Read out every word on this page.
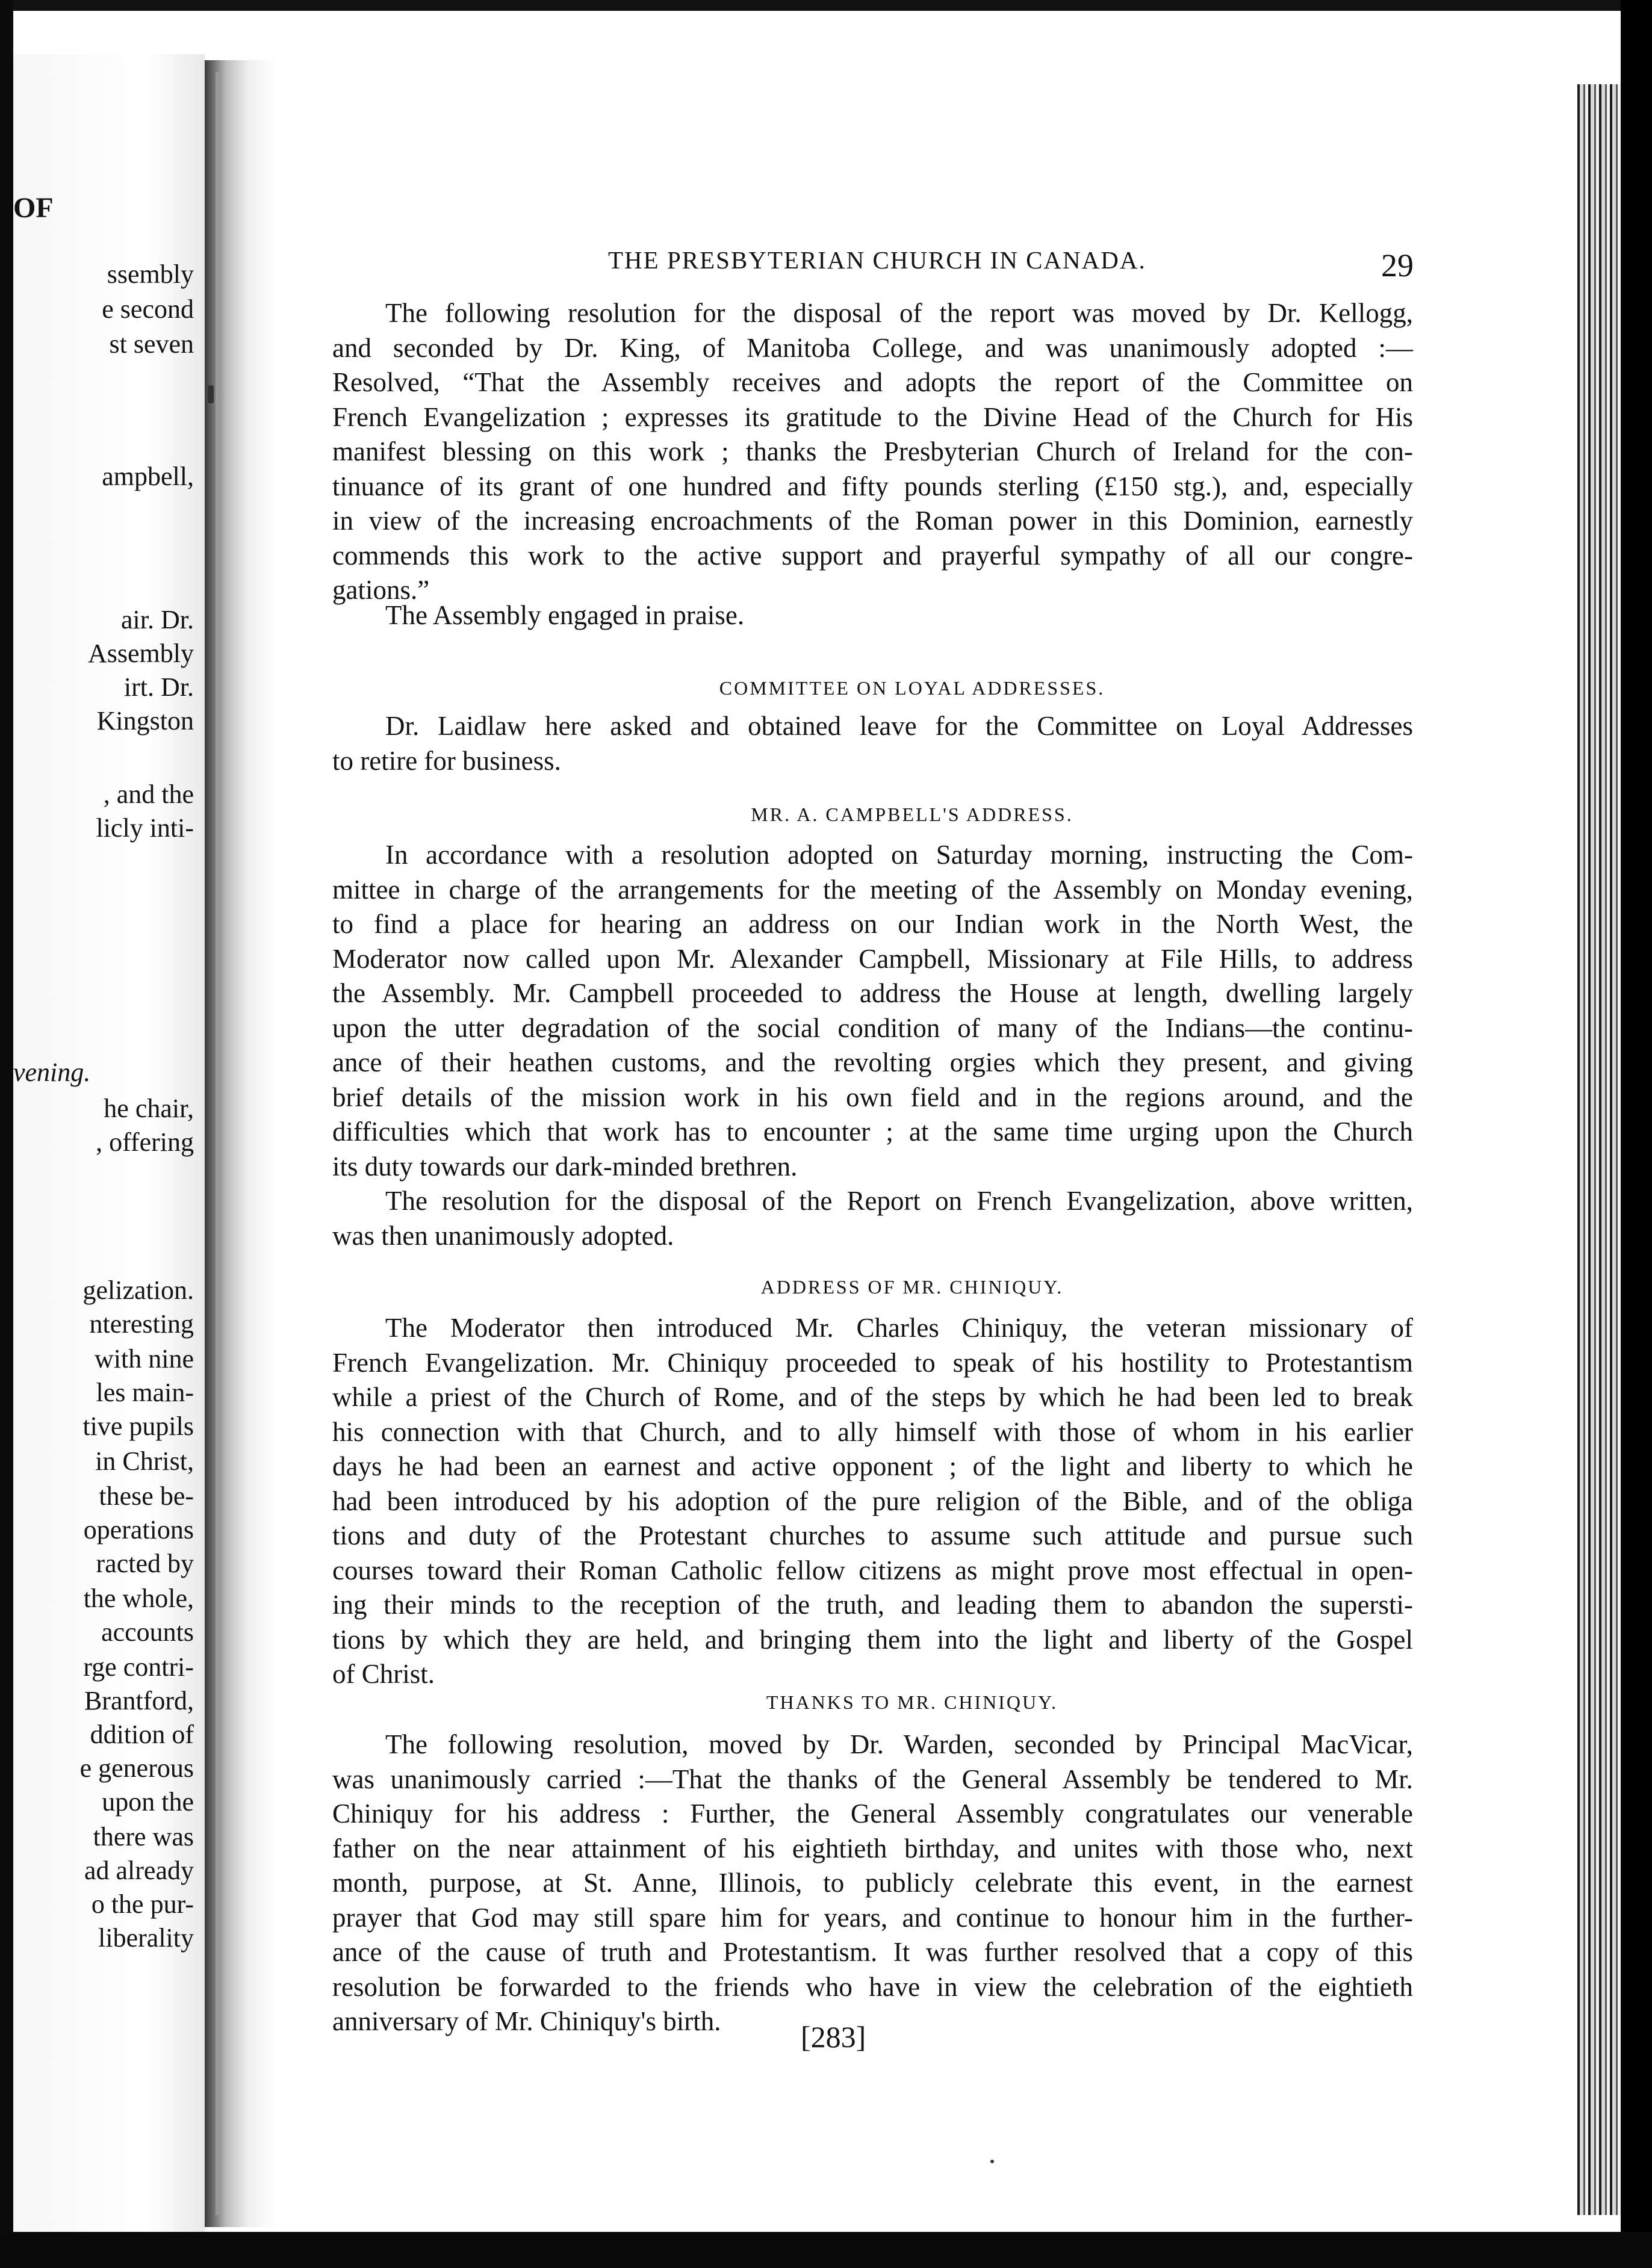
OF
ssembly
e second
st seven
ampbell,
air. Dr.
Assembly
irt. Dr.
Kingston
, and the
licly inti-
vening.
he chair,
, offering
gelization.
nteresting
with nine
les main-
tive pupils
in Christ,
these be-
operations
racted by
the whole,
accounts
rge contri-
Brantford,
ddition of
e generous
upon the
there was
ad already
o the pur-
liberality
THE PRESBYTERIAN CHURCH IN CANADA.	29

The following resolution for the disposal of the report was moved by Dr. Kellogg,
and seconded by Dr. King, of Manitoba College, and was unanimously adopted :—
Resolved, “That the Assembly receives and adopts the report of the Committee on
French Evangelization ; expresses its gratitude to the Divine Head of the Church for His
manifest blessing on this work ; thanks the Presbyterian Church of Ireland for the con-
tinuance of its grant of one hundred and fifty pounds sterling (£150 stg.), and, especially
in view of the increasing encroachments of the Roman power in this Dominion, earnestly
commends this work to the active support and prayerful sympathy of all our congre-
gations.”

The Assembly engaged in praise.

COMMITTEE ON LOYAL ADDRESSES.

Dr. Laidlaw here asked and obtained leave for the Committee on Loyal Addresses
to retire for business.

MR. A. CAMPBELL'S ADDRESS.

In accordance with a resolution adopted on Saturday morning, instructing the Com-
mittee in charge of the arrangements for the meeting of the Assembly on Monday evening,
to find a place for hearing an address on our Indian work in the North West, the
Moderator now called upon Mr. Alexander Campbell, Missionary at File Hills, to address
the Assembly. Mr. Campbell proceeded to address the House at length, dwelling largely
upon the utter degradation of the social condition of many of the Indians—the continu-
ance of their heathen customs, and the revolting orgies which they present, and giving
brief details of the mission work in his own field and in the regions around, and the
difficulties which that work has to encounter ; at the same time urging upon the Church
its duty towards our dark-minded brethren.

The resolution for the disposal of the Report on French Evangelization, above written,
was then unanimously adopted.

ADDRESS OF MR. CHINIQUY.

The Moderator then introduced Mr. Charles Chiniquy, the veteran missionary of
French Evangelization. Mr. Chiniquy proceeded to speak of his hostility to Protestantism
while a priest of the Church of Rome, and of the steps by which he had been led to break
his connection with that Church, and to ally himself with those of whom in his earlier
days he had been an earnest and active opponent ; of the light and liberty to which he
had been introduced by his adoption of the pure religion of the Bible, and of the obliga
tions and duty of the Protestant churches to assume such attitude and pursue such
courses toward their Roman Catholic fellow citizens as might prove most effectual in open-
ing their minds to the reception of the truth, and leading them to abandon the supersti-
tions by which they are held, and bringing them into the light and liberty of the Gospel
of Christ.

THANKS TO MR. CHINIQUY.

The following resolution, moved by Dr. Warden, seconded by Principal MacVicar,
was unanimously carried :—That the thanks of the General Assembly be tendered to Mr.
Chiniquy for his address : Further, the General Assembly congratulates our venerable
father on the near attainment of his eightieth birthday, and unites with those who, next
month, purpose, at St. Anne, Illinois, to publicly celebrate this event, in the earnest
prayer that God may still spare him for years, and continue to honour him in the further-
ance of the cause of truth and Protestantism. It was further resolved that a copy of this
resolution be forwarded to the friends who have in view the celebration of the eightieth
anniversary of Mr. Chiniquy's birth.	[283]
